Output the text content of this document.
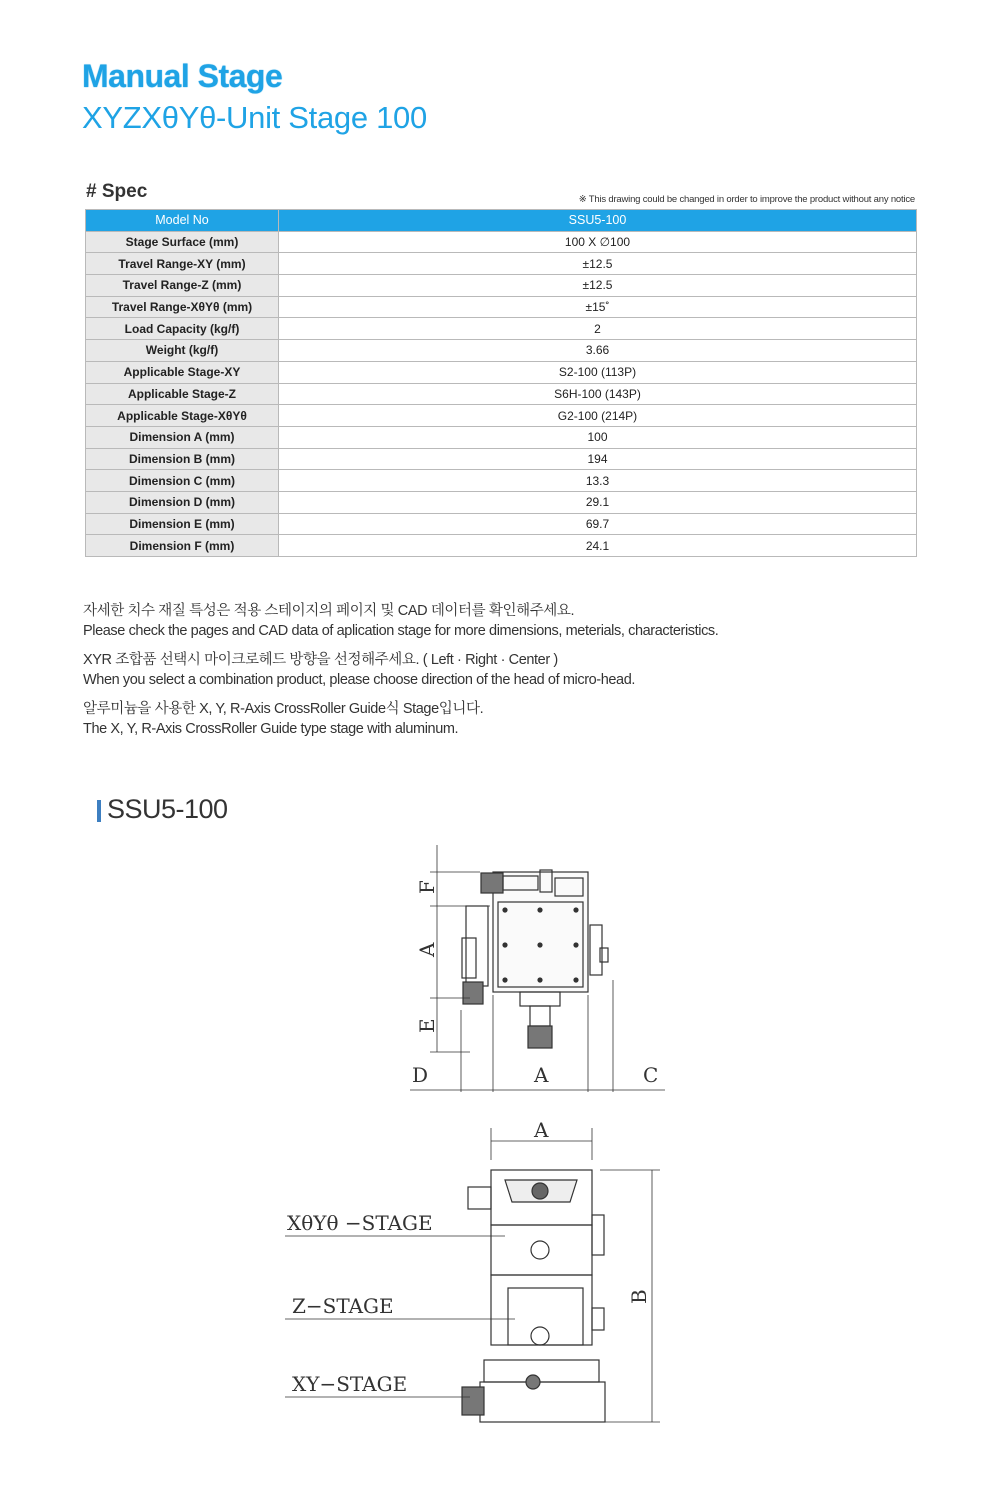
Manual Stage
XYZXθYθ-Unit Stage 100
# Spec	※ This drawing could be changed in order to improve the product without any notice
Model No	SSU5-100
Stage Surface (mm)	100 X ∅100
Travel Range-XY (mm)	±12.5
Travel Range-Z (mm)	±12.5
Travel Range-XθYθ (mm)	±15˚
Load Capacity (kg/f)	2
Weight (kg/f)	3.66
Applicable Stage-XY	S2-100 (113P)
Applicable Stage-Z	S6H-100 (143P)
Applicable Stage-XθYθ	G2-100 (214P)
Dimension A (mm)	100
Dimension B (mm)	194
Dimension C (mm)	13.3
Dimension D (mm)	29.1
Dimension E (mm)	69.7
Dimension F (mm)	24.1

자세한 치수 재질 특성은 적용 스테이지의 페이지 및 CAD 데이터를 확인해주세요.
Please check the pages and CAD data of aplication stage for more dimensions, meterials, characteristics.

XYR 조합품 선택시 마이크로헤드 방향을 선정해주세요. ( Left · Right · Center )
When you select a combination product, please choose direction of the head of micro-head.

알루미늄을 사용한 X, Y, R-Axis CrossRoller Guide식 Stage입니다.
The X, Y, R-Axis CrossRoller Guide type stage with aluminum.

SSU5-100
F
A
E
D	A	C
A
B
XθYθ −STAGE
Z−STAGE
XY−STAGE
